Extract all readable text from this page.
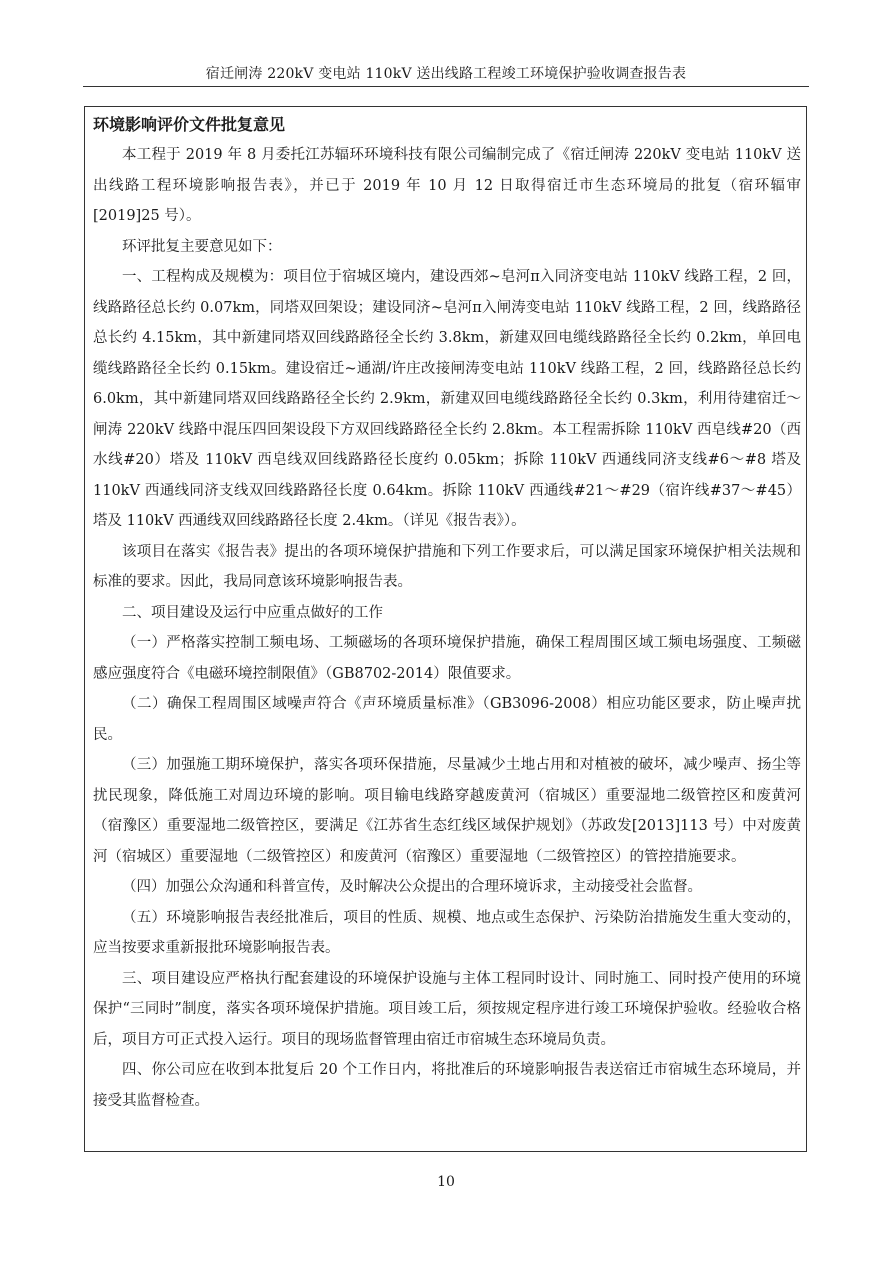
宿迁闸涛 220kV 变电站 110kV 送出线路工程竣工环境保护验收调查报告表
环境影响评价文件批复意见

本工程于 2019 年 8 月委托江苏辐环环境科技有限公司编制完成了《宿迁闸涛 220kV 变电站 110kV 送出线路工程环境影响报告表》，并已于 2019 年 10 月 12 日取得宿迁市生态环境局的批复（宿环辐审[2019]25 号）。

环评批复主要意见如下：

一、工程构成及规模为：项目位于宿城区境内，建设西郊~皂河π入同济变电站 110kV 线路工程，2 回，线路路径总长约 0.07km，同塔双回架设；建设同济~皂河π入闸涛变电站 110kV 线路工程，2 回，线路路径总长约 4.15km，其中新建同塔双回线路路径全长约 3.8km，新建双回电缆线路路径全长约 0.2km，单回电缆线路路径全长约 0.15km。建设宿迁~通湖/许庄改接闸涛变电站 110kV 线路工程，2 回，线路路径总长约 6.0km，其中新建同塔双回线路路径全长约 2.9km，新建双回电缆线路路径全长约 0.3km，利用待建宿迁～闸涛 220kV 线路中混压四回架设段下方双回线路路径全长约 2.8km。本工程需拆除 110kV 西皂线#20（西水线#20）塔及 110kV 西皂线双回线路路径长度约 0.05km；拆除 110kV 西通线同济支线#6～#8 塔及 110kV 西通线同济支线双回线路路径长度 0.64km。拆除 110kV 西通线#21～#29（宿许线#37～#45）塔及 110kV 西通线双回线路路径长度 2.4km。（详见《报告表》）。

该项目在落实《报告表》提出的各项环境保护措施和下列工作要求后，可以满足国家环境保护相关法规和标准的要求。因此，我局同意该环境影响报告表。

二、项目建设及运行中应重点做好的工作

（一）严格落实控制工频电场、工频磁场的各项环境保护措施，确保工程周围区域工频电场强度、工频磁感应强度符合《电磁环境控制限值》（GB8702-2014）限值要求。

（二）确保工程周围区域噪声符合《声环境质量标准》（GB3096-2008）相应功能区要求，防止噪声扰民。

（三）加强施工期环境保护，落实各项环保措施，尽量减少土地占用和对植被的破坏，减少噪声、扬尘等扰民现象，降低施工对周边环境的影响。项目输电线路穿越废黄河（宿城区）重要湿地二级管控区和废黄河（宿豫区）重要湿地二级管控区，要满足《江苏省生态红线区域保护规划》（苏政发[2013]113 号）中对废黄河（宿城区）重要湿地（二级管控区）和废黄河（宿豫区）重要湿地（二级管控区）的管控措施要求。

（四）加强公众沟通和科普宣传，及时解决公众提出的合理环境诉求，主动接受社会监督。

（五）环境影响报告表经批准后，项目的性质、规模、地点或生态保护、污染防治措施发生重大变动的，应当按要求重新报批环境影响报告表。

三、项目建设应严格执行配套建设的环境保护设施与主体工程同时设计、同时施工、同时投产使用的环境保护“三同时”制度，落实各项环境保护措施。项目竣工后，须按规定程序进行竣工环境保护验收。经验收合格后，项目方可正式投入运行。项目的现场监督管理由宿迁市宿城生态环境局负责。

四、你公司应在收到本批复后 20 个工作日内，将批准后的环境影响报告表送宿迁市宿城生态环境局，并接受其监督检查。

10
